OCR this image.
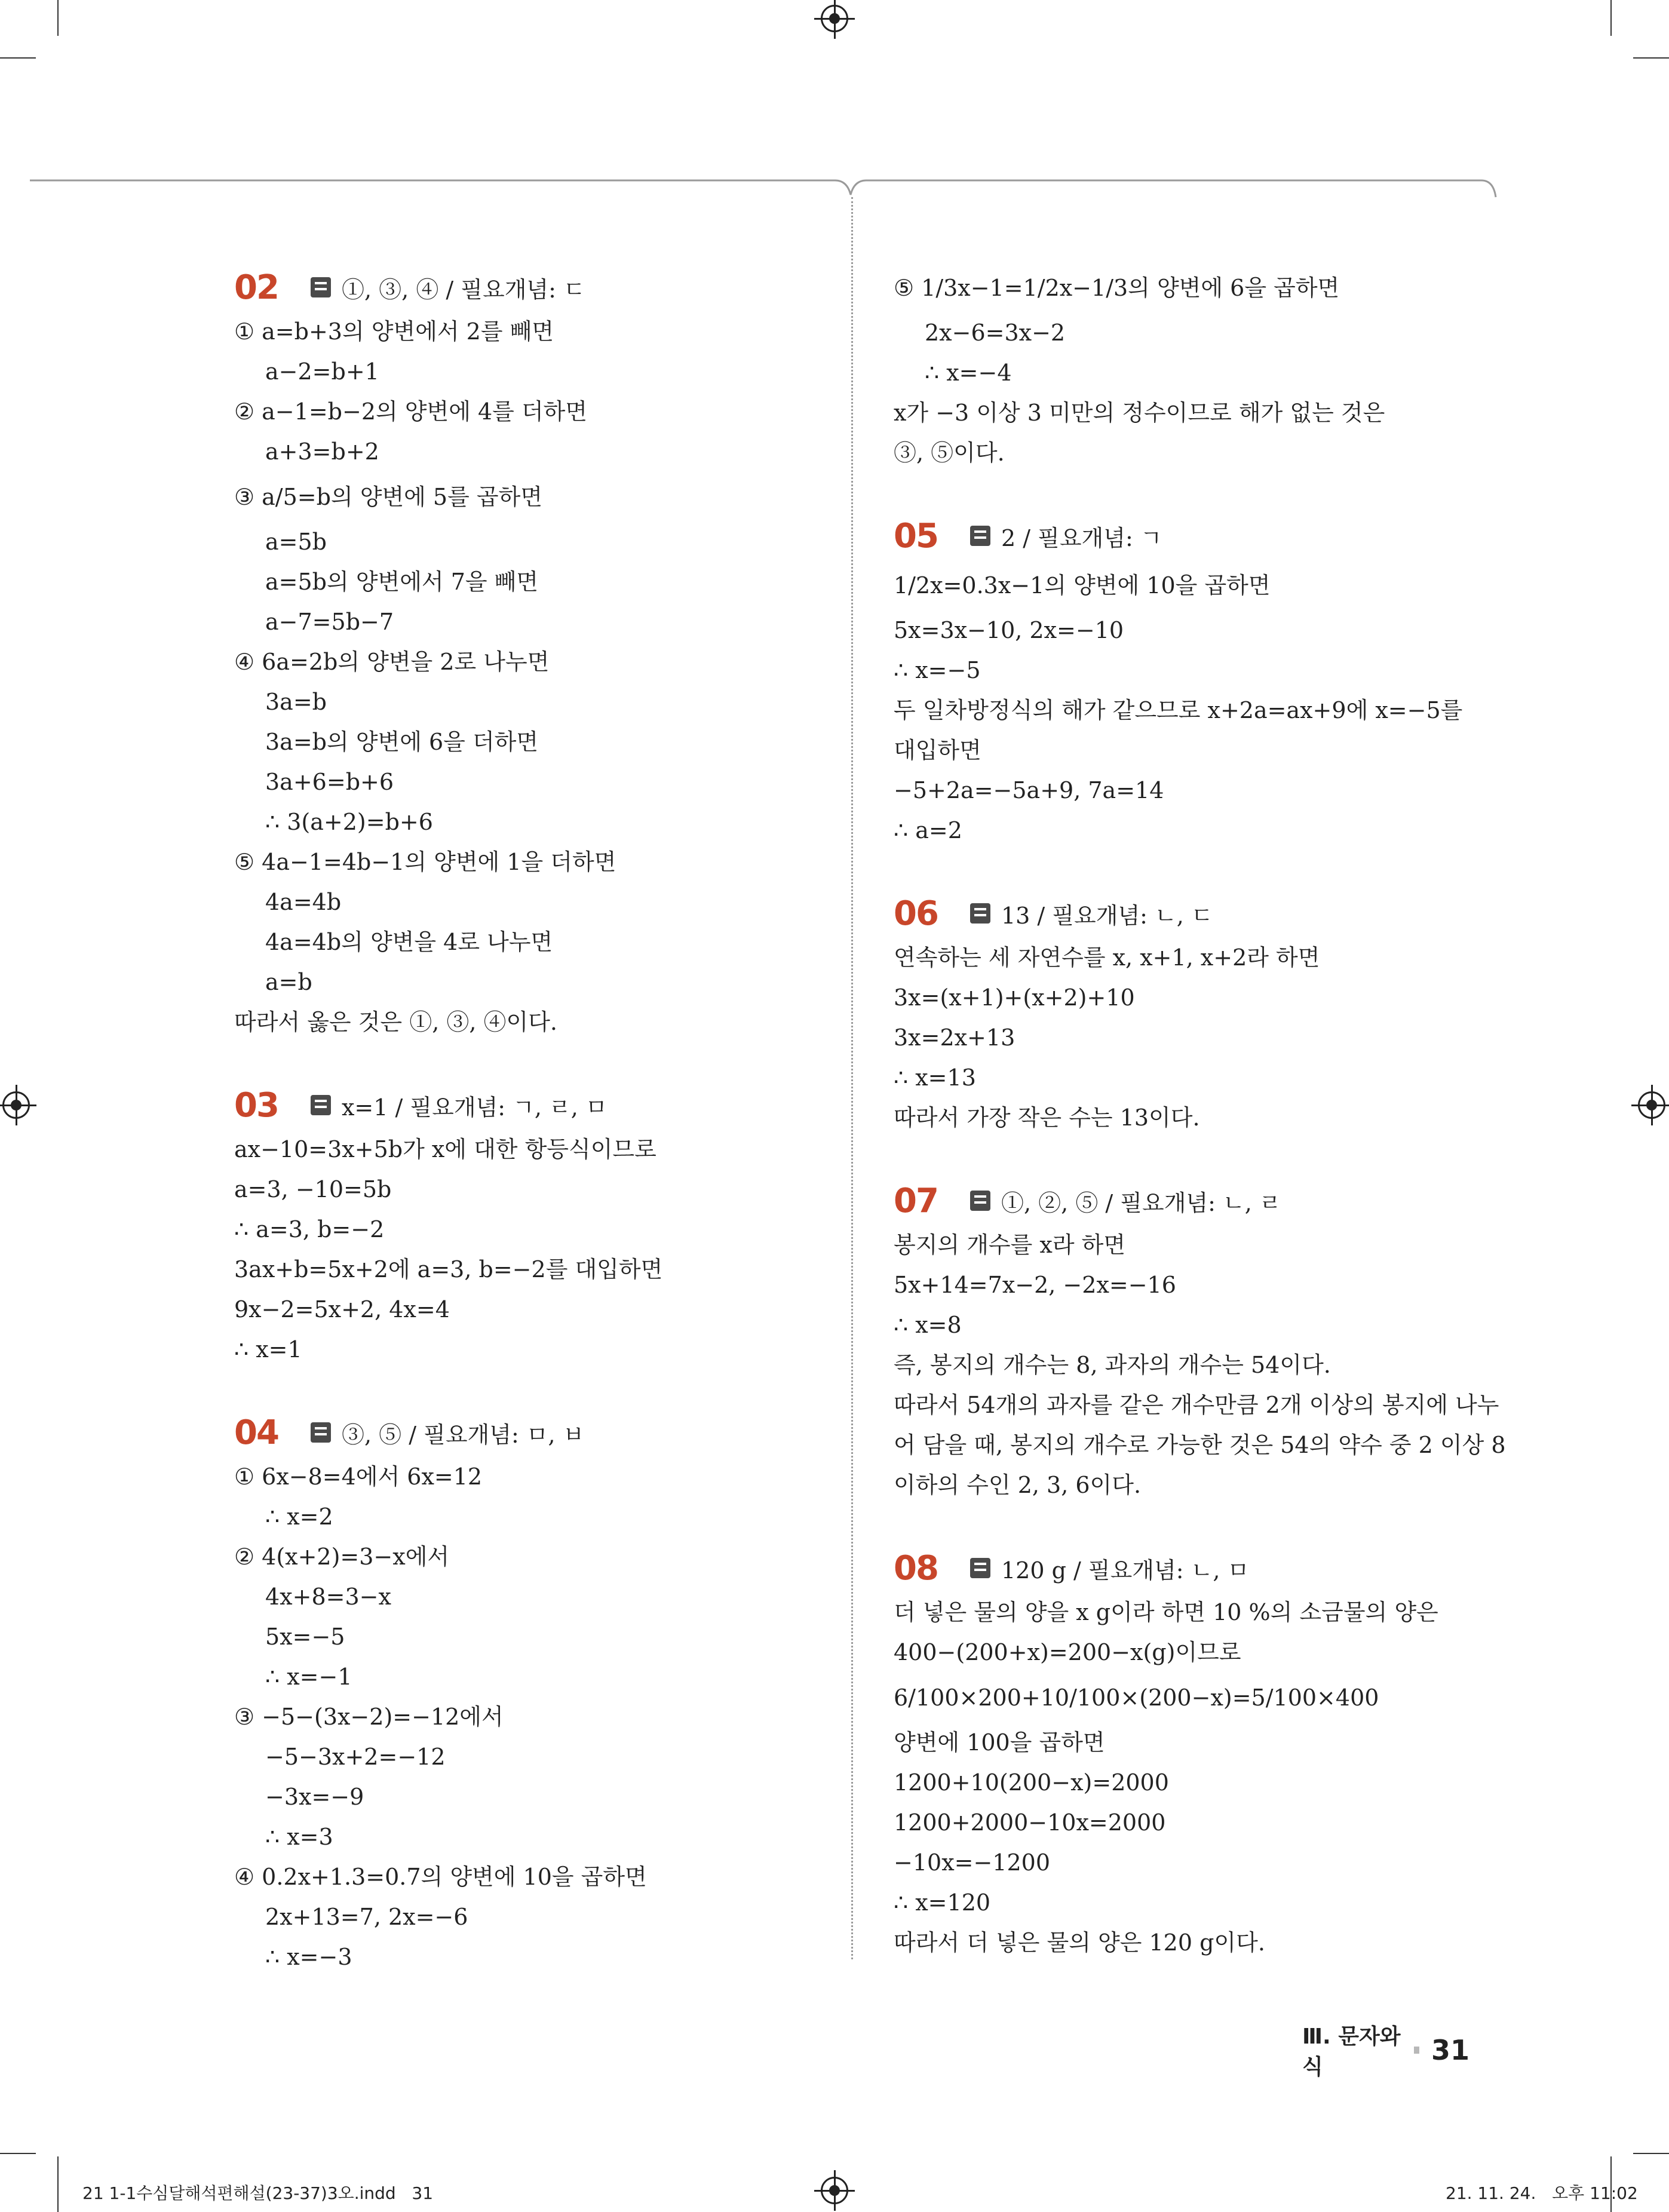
02	①, ③, ④ / 필요개념: ㄷ
① a=b+3의 양변에서 2를 빼면
a−2=b+1
② a−1=b−2의 양변에 4를 더하면
a+3=b+2
③ a/5=b의 양변에 5를 곱하면
a=5b
a=5b의 양변에서 7을 빼면
a−7=5b−7
④ 6a=2b의 양변을 2로 나누면
3a=b
3a=b의 양변에 6을 더하면
3a+6=b+6
∴ 3(a+2)=b+6
⑤ 4a−1=4b−1의 양변에 1을 더하면
4a=4b
4a=4b의 양변을 4로 나누면
a=b
따라서 옳은 것은 ①, ③, ④이다.
03	x=1 / 필요개념: ㄱ, ㄹ, ㅁ
ax−10=3x+5b가 x에 대한 항등식이므로
a=3, −10=5b
∴ a=3, b=−2
3ax+b=5x+2에 a=3, b=−2를 대입하면
9x−2=5x+2, 4x=4
∴ x=1
04	③, ⑤ / 필요개념: ㅁ, ㅂ
① 6x−8=4에서 6x=12
∴ x=2
② 4(x+2)=3−x에서
4x+8=3−x
5x=−5
∴ x=−1
③ −5−(3x−2)=−12에서
−5−3x+2=−12
−3x=−9
∴ x=3
④ 0.2x+1.3=0.7의 양변에 10을 곱하면
2x+13=7, 2x=−6
∴ x=−3
⑤ 1/3x−1=1/2x−1/3의 양변에 6을 곱하면
2x−6=3x−2
∴ x=−4
x가 −3 이상 3 미만의 정수이므로 해가 없는 것은
③, ⑤이다.
05	2 / 필요개념: ㄱ
1/2x=0.3x−1의 양변에 10을 곱하면
5x=3x−10, 2x=−10
∴ x=−5
두 일차방정식의 해가 같으므로 x+2a=ax+9에 x=−5를
대입하면
−5+2a=−5a+9, 7a=14
∴ a=2
06	13 / 필요개념: ㄴ, ㄷ
연속하는 세 자연수를 x, x+1, x+2라 하면
3x=(x+1)+(x+2)+10
3x=2x+13
∴ x=13
따라서 가장 작은 수는 13이다.
07	①, ②, ⑤ / 필요개념: ㄴ, ㄹ
봉지의 개수를 x라 하면
5x+14=7x−2, −2x=−16
∴ x=8
즉, 봉지의 개수는 8, 과자의 개수는 54이다.
따라서 54개의 과자를 같은 개수만큼 2개 이상의 봉지에 나누
어 담을 때, 봉지의 개수로 가능한 것은 54의 약수 중 2 이상 8
이하의 수인 2, 3, 6이다.
08	120 g / 필요개념: ㄴ, ㅁ
더 넣은 물의 양을 x g이라 하면 10 %의 소금물의 양은
400−(200+x)=200−x(g)이므로
6/100×200+10/100×(200−x)=5/100×400
양변에 100을 곱하면
1200+10(200−x)=2000
1200+2000−10x=2000
−10x=−1200
∴ x=120
따라서 더 넣은 물의 양은 120 g이다.
Ⅲ. 문자와 식
31
21 1-1수심달해석편해설(23-37)3오.indd   31	21. 11. 24.   오후 11:02
